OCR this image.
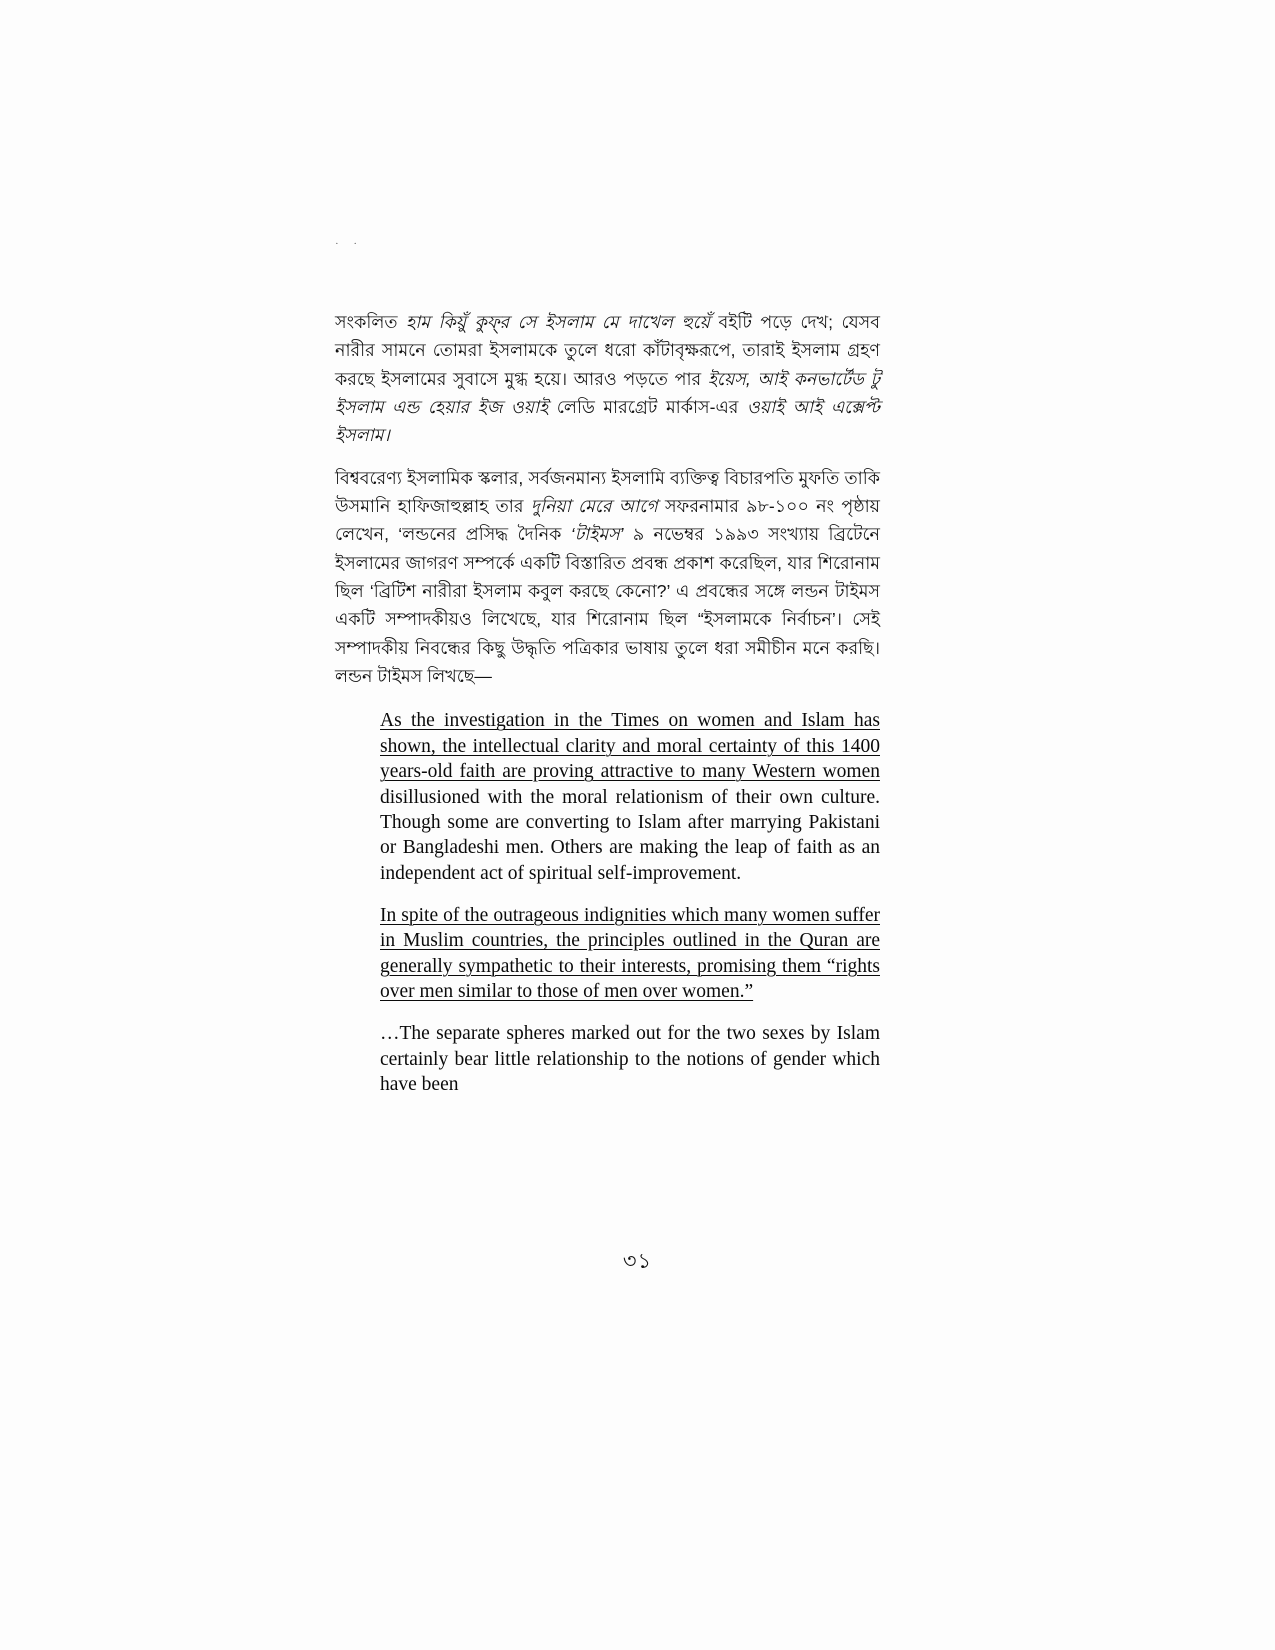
· ·

সংকলিত হাম কিয়ুঁ কুফ্‌র সে ইসলাম মে দাখেল হুয়েঁ বইটি পড়ে দেখ; যেসব নারীর সামনে তোমরা ইসলামকে তুলে ধরো কাঁটাবৃক্ষরূপে, তারাই ইসলাম গ্রহণ করছে ইসলামের সুবাসে মুগ্ধ হয়ে। আরও পড়তে পার ইয়েস, আই কনভার্টেড টু ইসলাম এন্ড হেয়ার ইজ ওয়াই লেডি মারগ্রেট মার্কাস-এর ওয়াই আই এক্সেপ্ট ইসলাম।

বিশ্ববরেণ্য ইসলামিক স্কলার, সর্বজনমান্য ইসলামি ব্যক্তিত্ব বিচারপতি মুফতি তাকি উসমানি হাফিজাহুল্লাহ তার দুনিয়া মেরে আগে সফরনামার ৯৮-১০০ নং পৃষ্ঠায় লেখেন, ‘লন্ডনের প্রসিদ্ধ দৈনিক ‘টাইমস’ ৯ নভেম্বর ১৯৯৩ সংখ্যায় ব্রিটেনে ইসলামের জাগরণ সম্পর্কে একটি বিস্তারিত প্রবন্ধ প্রকাশ করেছিল, যার শিরোনাম ছিল ‘ব্রিটিশ নারীরা ইসলাম কবুল করছে কেনো?’ এ প্রবন্ধের সঙ্গে লন্ডন টাইমস একটি সম্পাদকীয়ও লিখেছে, যার শিরোনাম ছিল “ইসলামকে নির্বাচন’। সেই সম্পাদকীয় নিবন্ধের কিছু উদ্ধৃতি পত্রিকার ভাষায় তুলে ধরা সমীচীন মনে করছি। লন্ডন টাইমস লিখছে—

As the investigation in the Times on women and Islam has shown, the intellectual clarity and moral certainty of this 1400 years-old faith are proving attractive to many Western women disillusioned with the moral relationism of their own culture. Though some are converting to Islam after marrying Pakistani or Bangladeshi men. Others are making the leap of faith as an independent act of spiritual self-improvement.

In spite of the outrageous indignities which many women suffer in Muslim countries, the principles outlined in the Quran are generally sympathetic to their interests, promising them “rights over men similar to those of men over women.”

…The separate spheres marked out for the two sexes by Islam certainly bear little relationship to the notions of gender which have been

৩১
